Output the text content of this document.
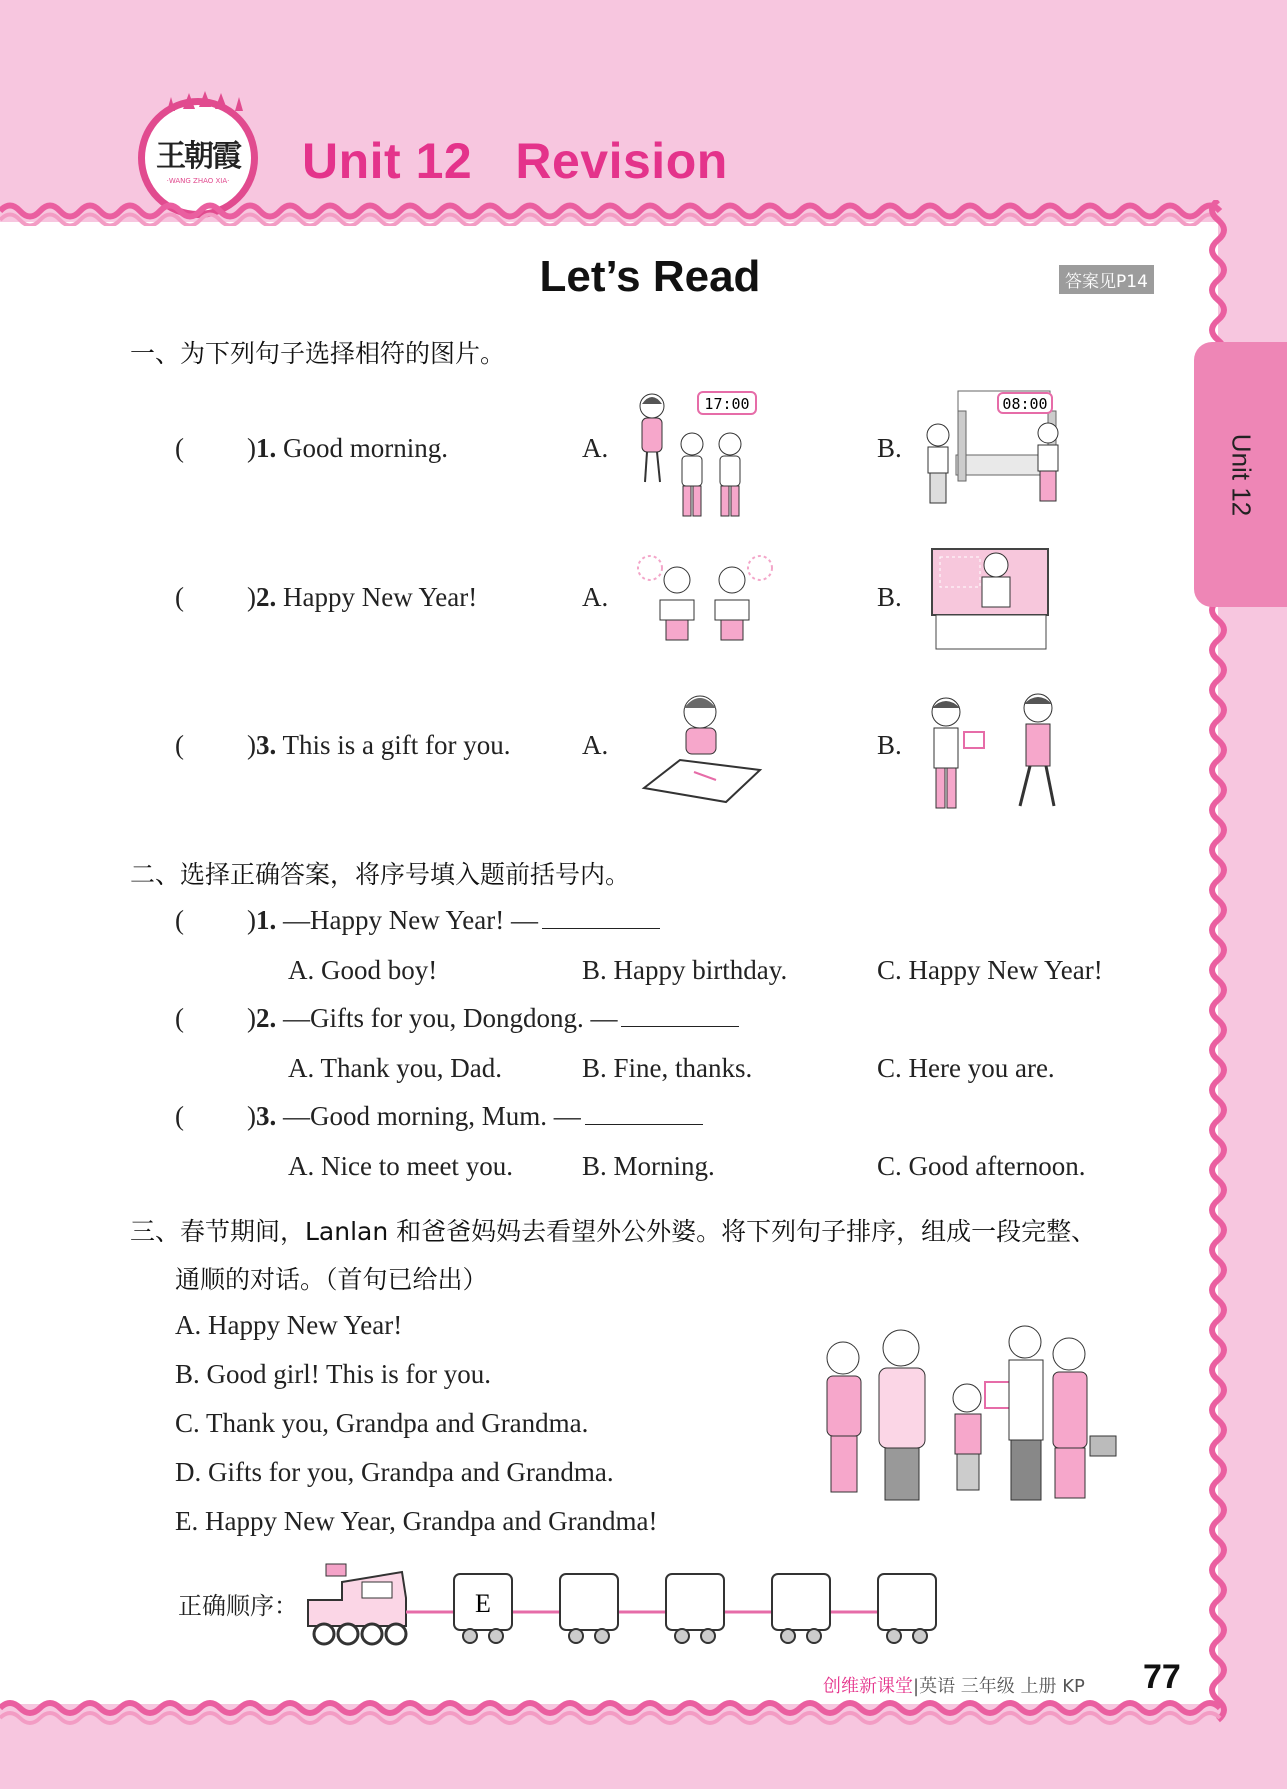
王朝霞
·WANG ZHAO XIA· Unit 12   Revision
Unit 12
Let’s Read	答案见P14
一、为下列句子选择相符的图片。
( )1. Good morning.	A.	B.
17:00	08:00
( )2. Happy New Year!	A.	B.
( )3. This is a gift for you.	A.	B.
二、选择正确答案，将序号填入题前括号内。
( )1. —Happy New Year! —
A. Good boy!	B. Happy birthday.	C. Happy New Year!
( )2. —Gifts for you, Dongdong. —
A. Thank you, Dad.	B. Fine, thanks.	C. Here you are.
( )3. —Good morning, Mum. —
A. Nice to meet you.	B. Morning.	C. Good afternoon.
三、春节期间，Lanlan 和爸爸妈妈去看望外公外婆。将下列句子排序，组成一段完整、
通顺的对话。（首句已给出）
A. Happy New Year!
B. Good girl! This is for you.
C. Thank you, Grandpa and Grandma.
D. Gifts for you, Grandpa and Grandma.
E. Happy New Year, Grandpa and Grandma!
正确顺序：	E
创维新课堂|英语 三年级 上册 KP 77
